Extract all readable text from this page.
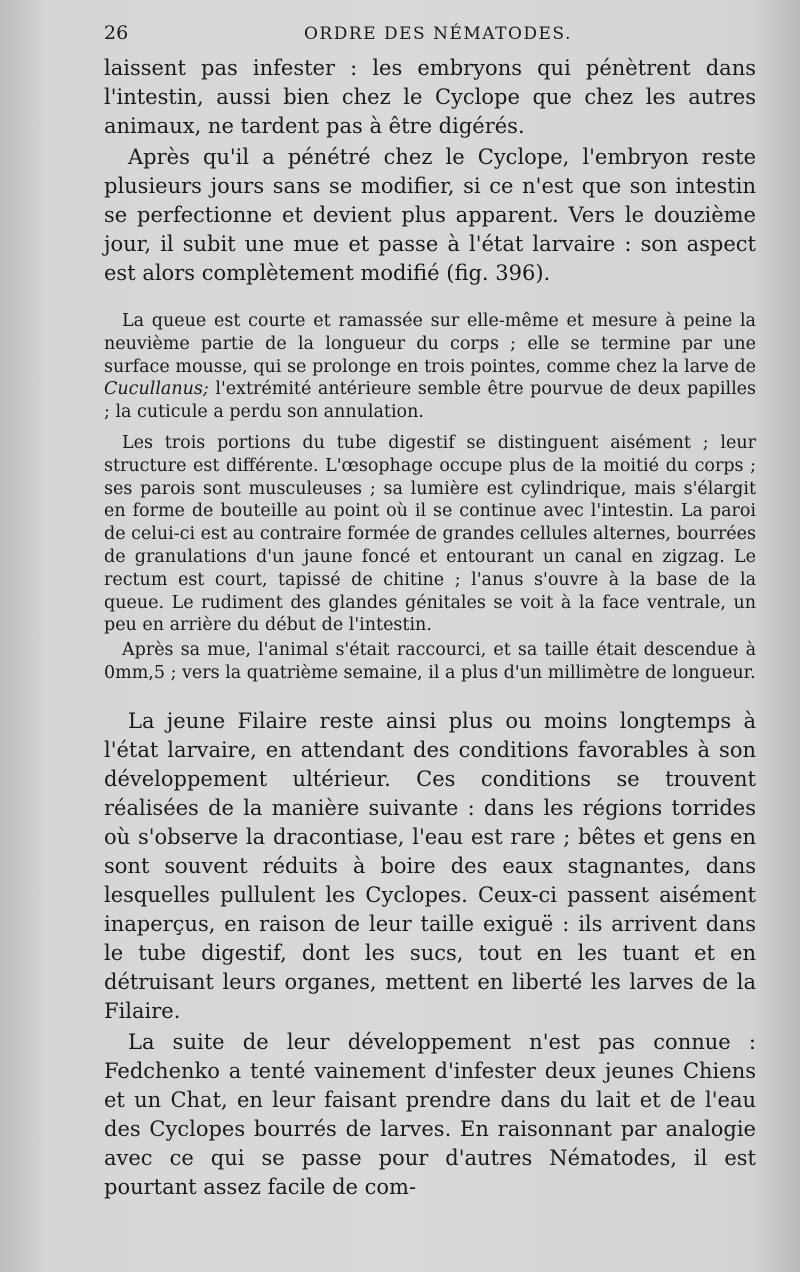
26	ORDRE DES NÉMATODES.

laissent pas infester : les embryons qui pénètrent dans l'intestin, aussi bien chez le Cyclope que chez les autres animaux, ne tardent pas à être digérés.

Après qu'il a pénétré chez le Cyclope, l'embryon reste plusieurs jours sans se modifier, si ce n'est que son intestin se perfectionne et devient plus apparent. Vers le douzième jour, il subit une mue et passe à l'état larvaire : son aspect est alors complètement modifié (fig. 396).

La queue est courte et ramassée sur elle-même et mesure à peine la neuvième partie de la longueur du corps ; elle se termine par une surface mousse, qui se prolonge en trois pointes, comme chez la larve de Cucullanus; l'extrémité antérieure semble être pourvue de deux papilles ; la cuticule a perdu son annulation.

Les trois portions du tube digestif se distinguent aisément ; leur structure est différente. L'œsophage occupe plus de la moitié du corps ; ses parois sont musculeuses ; sa lumière est cylindrique, mais s'élargit en forme de bouteille au point où il se continue avec l'intestin. La paroi de celui-ci est au contraire formée de grandes cellules alternes, bourrées de granulations d'un jaune foncé et entourant un canal en zigzag. Le rectum est court, tapissé de chitine ; l'anus s'ouvre à la base de la queue. Le rudiment des glandes génitales se voit à la face ventrale, un peu en arrière du début de l'intestin.

Après sa mue, l'animal s'était raccourci, et sa taille était descendue à 0mm,5 ; vers la quatrième semaine, il a plus d'un millimètre de longueur.

La jeune Filaire reste ainsi plus ou moins longtemps à l'état larvaire, en attendant des conditions favorables à son développement ultérieur. Ces conditions se trouvent réalisées de la manière suivante : dans les régions torrides où s'observe la dracontiase, l'eau est rare ; bêtes et gens en sont souvent réduits à boire des eaux stagnantes, dans lesquelles pullulent les Cyclopes. Ceux-ci passent aisément inaperçus, en raison de leur taille exiguë : ils arrivent dans le tube digestif, dont les sucs, tout en les tuant et en détruisant leurs organes, mettent en liberté les larves de la Filaire.

La suite de leur développement n'est pas connue : Fedchenko a tenté vainement d'infester deux jeunes Chiens et un Chat, en leur faisant prendre dans du lait et de l'eau des Cyclopes bourrés de larves. En raisonnant par analogie avec ce qui se passe pour d'autres Nématodes, il est pourtant assez facile de com-
